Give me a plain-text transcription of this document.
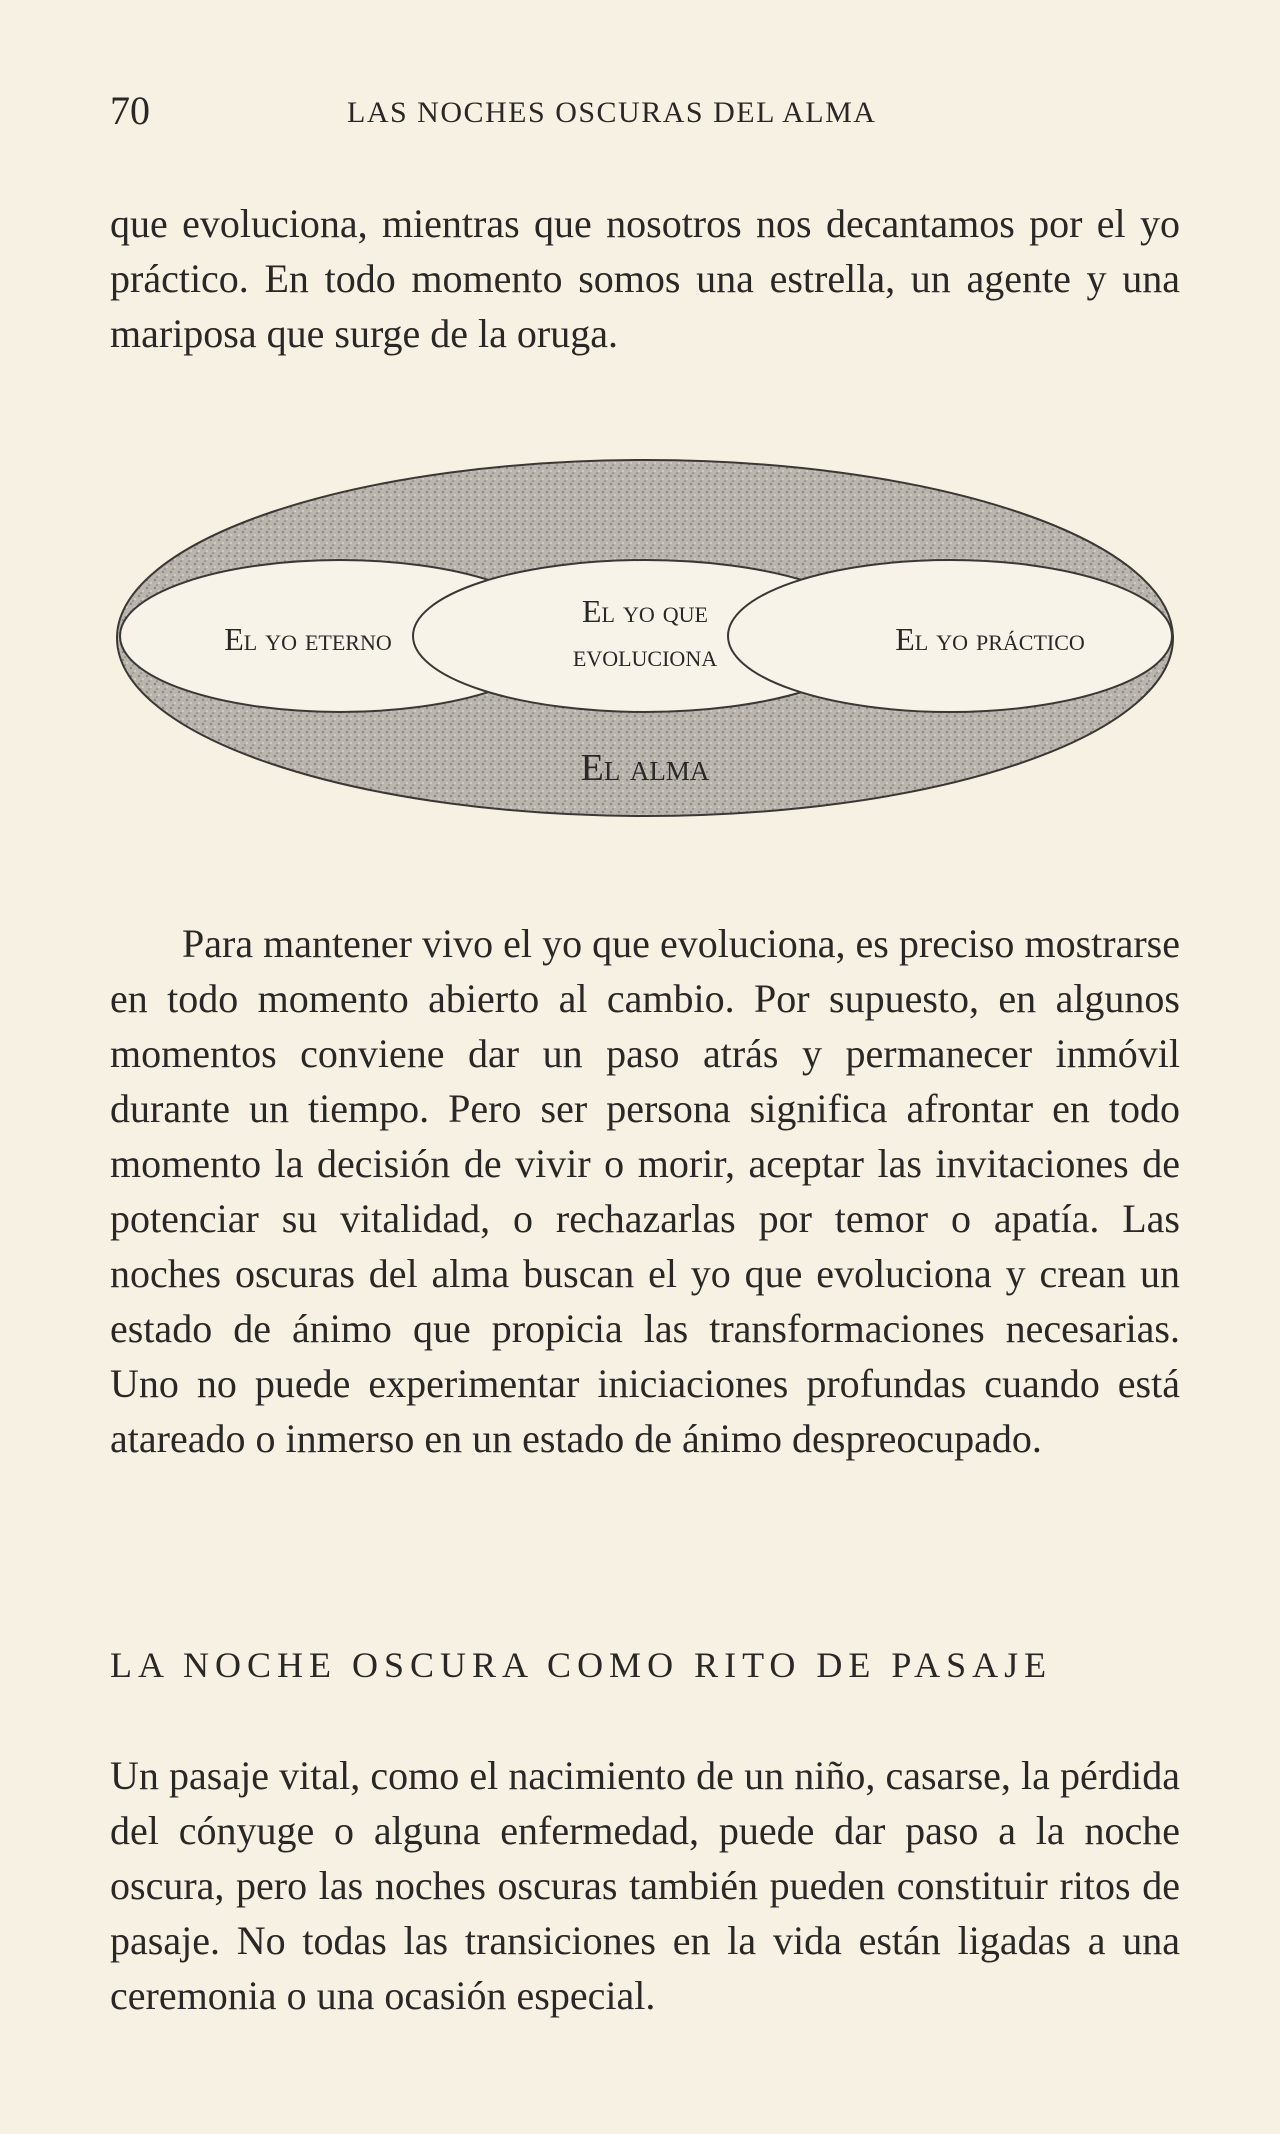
70	LAS NOCHES OSCURAS DEL ALMA

que evoluciona, mientras que nosotros nos decantamos por el yo práctico. En todo momento somos una estrella, un agente y una mariposa que surge de la oruga.

El yo eterno
El yo que
evoluciona	El yo práctico
El alma

Para mantener vivo el yo que evoluciona, es preciso mostrarse en todo momento abierto al cambio. Por supuesto, en algunos momentos conviene dar un paso atrás y permanecer inmóvil durante un tiempo. Pero ser persona significa afrontar en todo momento la decisión de vivir o morir, aceptar las invitaciones de potenciar su vitalidad, o rechazarlas por temor o apatía. Las noches oscuras del alma buscan el yo que evoluciona y crean un estado de ánimo que propicia las transformaciones necesarias. Uno no puede experimentar iniciaciones profundas cuando está atareado o inmerso en un estado de ánimo despreocupado.

LA NOCHE OSCURA COMO RITO DE PASAJE

Un pasaje vital, como el nacimiento de un niño, casarse, la pérdida del cónyuge o alguna enfermedad, puede dar paso a la noche oscura, pero las noches oscuras también pueden constituir ritos de pasaje. No todas las transiciones en la vida están ligadas a una ceremonia o una ocasión especial.
